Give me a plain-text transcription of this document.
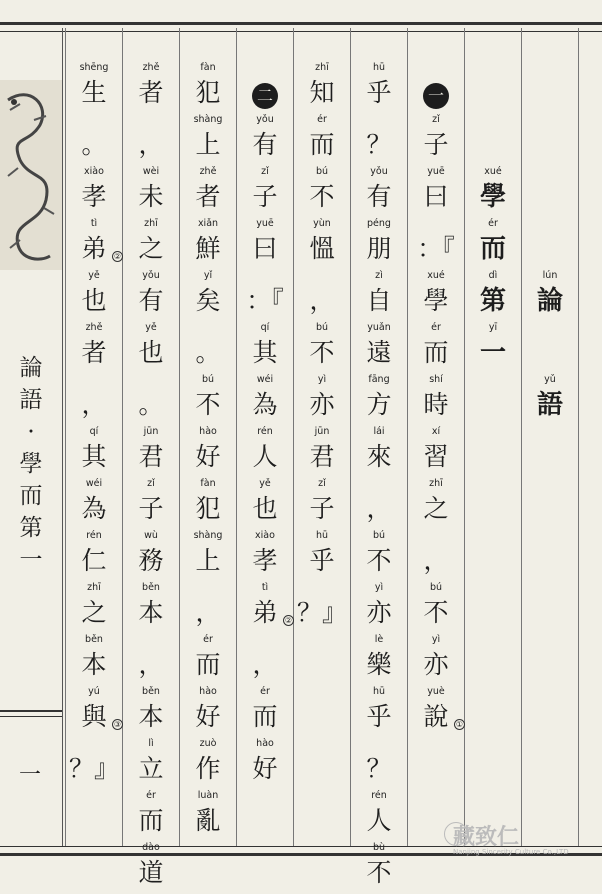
論
語
·
學
而
第
一
一
lún
論
yǔ
語
xué
學
ér
而
dì
第
yī
一
一
zǐ
子
yuē
曰
：『
xué
學
ér
而
shí
時
xí
習
zhī
之
，
bú
不
yì
亦
yuè
說 ①
hū
乎
？
yǒu
有
péng
朋
zì
自
yuǎn
遠
fāng
方
lái
來
，
bú
不
yì
亦
lè
樂
hū
乎
？
rén
人
bù
不
zhī
知
ér
而
bú
不
yùn
慍
，
bú
不
yì
亦
jūn
君
zǐ
子
hū
乎
？』
二
yǒu
有
zǐ
子
yuē
曰
：『
qí
其
wéi
為
rén
人
yě
也
xiào
孝
tì
弟 ②
，
ér
而
hào
好
fàn
犯
shàng
上
zhě
者
xiǎn
鮮
yǐ
矣
。
bú
不
hào
好
fàn
犯
shàng
上
，
ér
而
hào
好
zuò
作
luàn
亂
zhě
者
，
wèi
未
zhī
之
yǒu
有
yě
也
。
jūn
君
zǐ
子
wù
務
běn
本
，
běn
本
lì
立
ér
而
dào
道
shēng
生
。
xiào
孝
tì
弟 ②
yě
也
zhě
者
，
qí
其
wéi
為
rén
仁
zhī
之
běn
本
yú
與 ③
？』
藏致仁
Nanjing Sincerity Culture Co.,LTD
